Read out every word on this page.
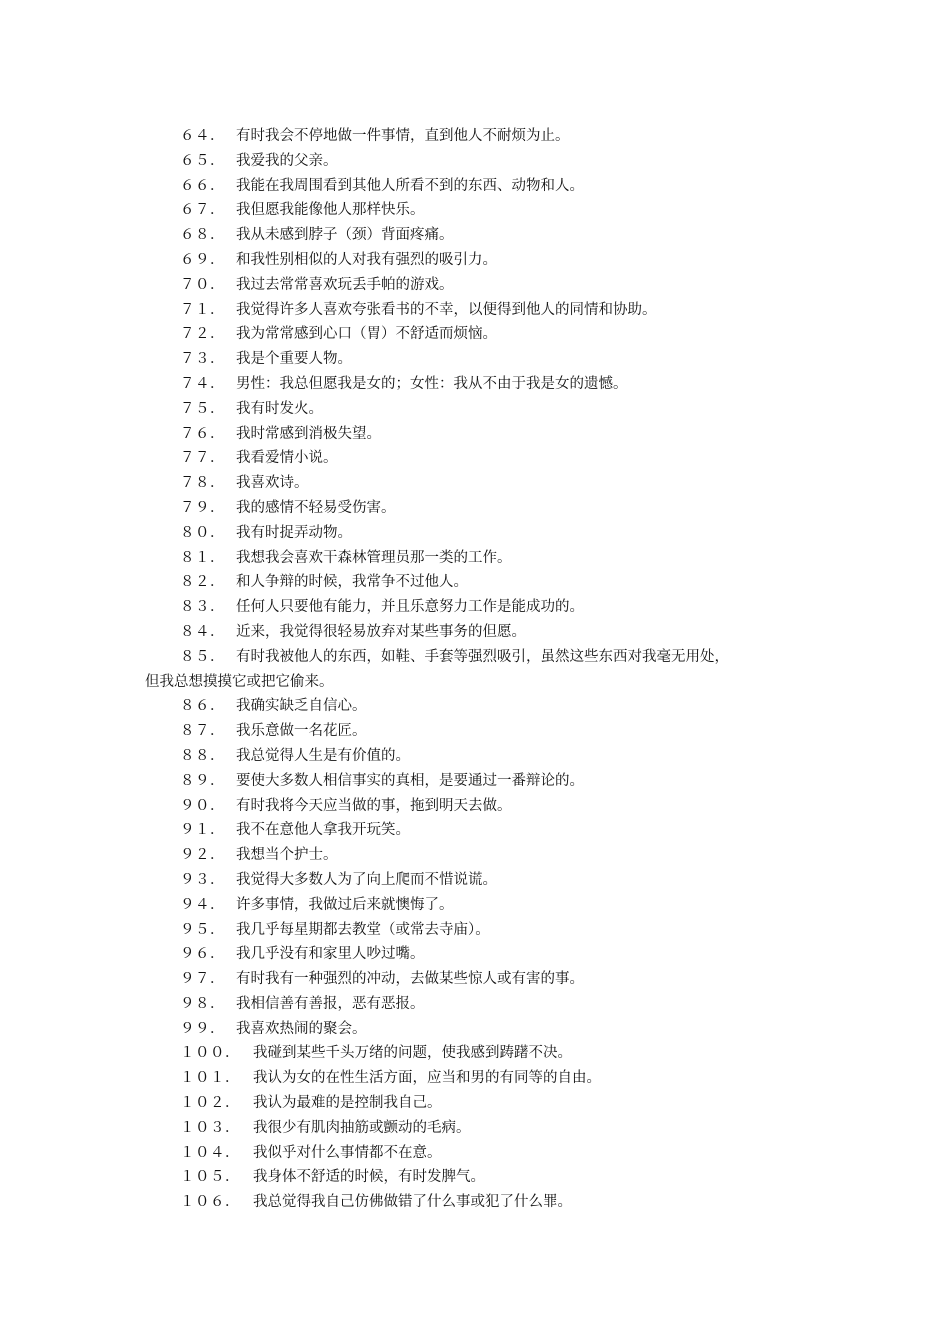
６４． 有时我会不停地做一件事情，直到他人不耐烦为止。
６５． 我爱我的父亲。
６６． 我能在我周围看到其他人所看不到的东西、动物和人。
６７． 我但愿我能像他人那样快乐。
６８． 我从未感到脖子（颈）背面疼痛。
６９． 和我性别相似的人对我有强烈的吸引力。
７０． 我过去常常喜欢玩丢手帕的游戏。
７１． 我觉得许多人喜欢夸张看书的不幸，以便得到他人的同情和协助。
７２． 我为常常感到心口（胃）不舒适而烦恼。
７３． 我是个重要人物。
７４． 男性：我总但愿我是女的；女性：我从不由于我是女的遗憾。
７５． 我有时发火。
７６． 我时常感到消极失望。
７７． 我看爱情小说。
７８． 我喜欢诗。
７９． 我的感情不轻易受伤害。
８０． 我有时捉弄动物。
８１． 我想我会喜欢干森林管理员那一类的工作。
８２． 和人争辩的时候，我常争不过他人。
８３． 任何人只要他有能力，并且乐意努力工作是能成功的。
８４． 近来，我觉得很轻易放弃对某些事务的但愿。
８５． 有时我被他人的东西，如鞋、手套等强烈吸引，虽然这些东西对我毫无用处，
但我总想摸摸它或把它偷来。
８６． 我确实缺乏自信心。
８７． 我乐意做一名花匠。
８８． 我总觉得人生是有价值的。
８９． 要使大多数人相信事实的真相，是要通过一番辩论的。
９０． 有时我将今天应当做的事，拖到明天去做。
９１． 我不在意他人拿我开玩笑。
９２． 我想当个护士。
９３． 我觉得大多数人为了向上爬而不惜说谎。
９４． 许多事情，我做过后来就懊悔了。
９５． 我几乎每星期都去教堂（或常去寺庙）。
９６． 我几乎没有和家里人吵过嘴。
９７． 有时我有一种强烈的冲动，去做某些惊人或有害的事。
９８． 我相信善有善报，恶有恶报。
９９． 我喜欢热闹的聚会。
１００． 我碰到某些千头万绪的问题，使我感到踌躇不决。
１０１． 我认为女的在性生活方面，应当和男的有同等的自由。
１０２． 我认为最难的是控制我自己。
１０３． 我很少有肌肉抽筋或颤动的毛病。
１０４． 我似乎对什么事情都不在意。
１０５． 我身体不舒适的时候，有时发脾气。
１０６． 我总觉得我自己仿佛做错了什么事或犯了什么罪。
